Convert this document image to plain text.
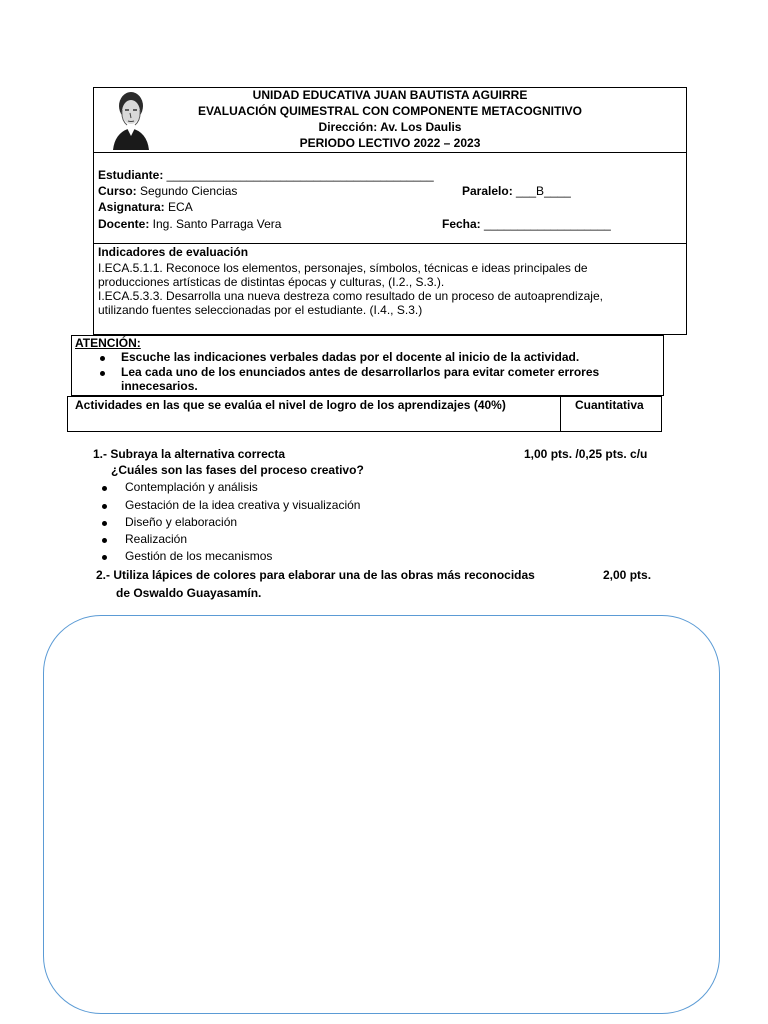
UNIDAD EDUCATIVA JUAN BAUTISTA AGUIRRE
EVALUACIÓN QUIMESTRAL CON COMPONENTE METACOGNITIVO
Dirección: Av. Los Daulis
PERIODO LECTIVO 2022 – 2023
Estudiante: ________________________________________
Curso: Segundo Ciencias	Paralelo: ___B____
Asignatura: ECA
Docente: Ing. Santo Parraga Vera	Fecha: ___________________
Indicadores de evaluación
I.ECA.5.1.1. Reconoce los elementos, personajes, símbolos, técnicas e ideas principales de
producciones artísticas de distintas épocas y culturas, (I.2., S.3.).
I.ECA.5.3.3. Desarrolla una nueva destreza como resultado de un proceso de autoaprendizaje,
utilizando fuentes seleccionadas por el estudiante. (I.4., S.3.)
ATENCIÓN:
Escuche las indicaciones verbales dadas por el docente al inicio de la actividad.
Lea cada uno de los enunciados antes de desarrollarlos para evitar cometer errores
innecesarios.
Actividades en las que se evalúa el nivel de logro de los aprendizajes (40%)	Cuantitativa
1.- Subraya la alternativa correcta	1,00 pts. /0,25 pts. c/u
¿Cuáles son las fases del proceso creativo?
Contemplación y análisis
Gestación de la idea creativa y visualización
Diseño y elaboración
Realización
Gestión de los mecanismos
2.- Utiliza lápices de colores para elaborar una de las obras más reconocidas	2,00 pts.
de Oswaldo Guayasamín.
